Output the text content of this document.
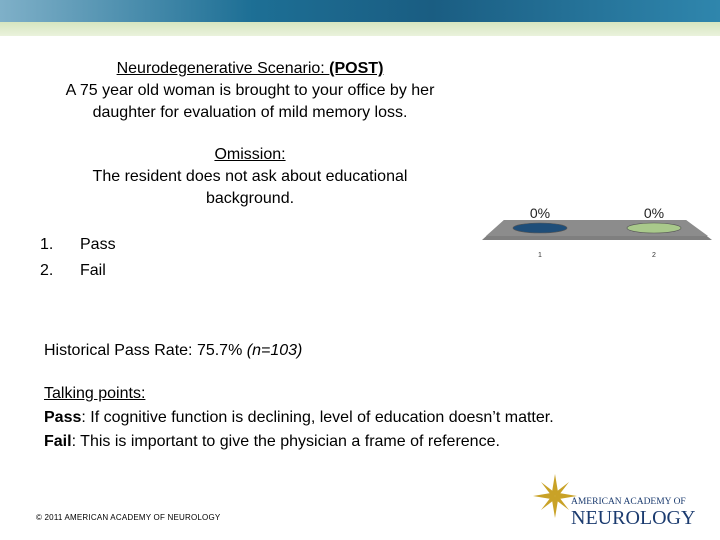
Neurodegenerative Scenario: (POST)
A 75 year old woman is brought to your office by her
daughter for evaluation of mild memory loss.
Omission:
The resident does not ask about educational
background.
1.	Pass
2.	Fail
0%	0%
1	2
Historical Pass Rate: 75.7% (n=103)
Talking points:
Pass: If cognitive function is declining, level of education doesn’t matter.
Fail: This is important to give the physician a frame of reference.
© 2011 AMERICAN ACADEMY OF NEUROLOGY
AMERICAN ACADEMY OF
NEUROLOGY
